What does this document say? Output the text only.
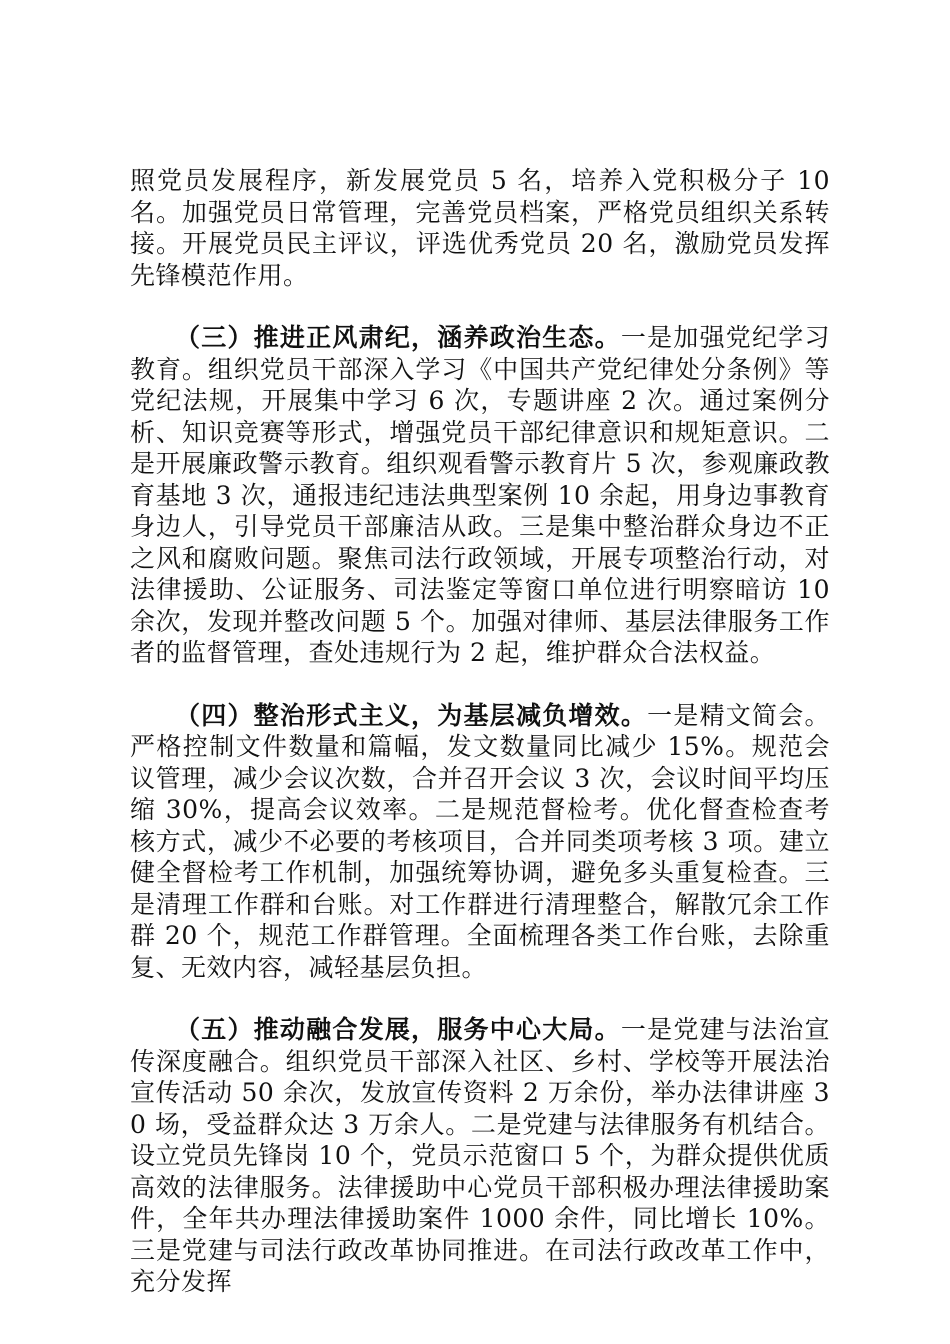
照党员发展程序，新发展党员 5 名，培养入党积极分子 10 名。加强党员日常管理，完善党员档案，严格党员组织关系转接。开展党员民主评议，评选优秀党员 20 名，激励党员发挥先锋模范作用。

（三）推进正风肃纪，涵养政治生态。一是加强党纪学习教育。组织党员干部深入学习《中国共产党纪律处分条例》等党纪法规，开展集中学习 6 次，专题讲座 2 次。通过案例分析、知识竞赛等形式，增强党员干部纪律意识和规矩意识。二是开展廉政警示教育。组织观看警示教育片 5 次，参观廉政教育基地 3 次，通报违纪违法典型案例 10 余起，用身边事教育身边人，引导党员干部廉洁从政。三是集中整治群众身边不正之风和腐败问题。聚焦司法行政领域，开展专项整治行动，对法律援助、公证服务、司法鉴定等窗口单位进行明察暗访 10 余次，发现并整改问题 5 个。加强对律师、基层法律服务工作者的监督管理，查处违规行为 2 起，维护群众合法权益。

（四）整治形式主义，为基层减负增效。一是精文简会。严格控制文件数量和篇幅，发文数量同比减少 15%。规范会议管理，减少会议次数，合并召开会议 3 次，会议时间平均压缩 30%，提高会议效率。二是规范督检考。优化督查检查考核方式，减少不必要的考核项目，合并同类项考核 3 项。建立健全督检考工作机制，加强统筹协调，避免多头重复检查。三是清理工作群和台账。对工作群进行清理整合，解散冗余工作群 20 个，规范工作群管理。全面梳理各类工作台账，去除重复、无效内容，减轻基层负担。

（五）推动融合发展，服务中心大局。一是党建与法治宣传深度融合。组织党员干部深入社区、乡村、学校等开展法治宣传活动 50 余次，发放宣传资料 2 万余份，举办法律讲座 30 场，受益群众达 3 万余人。二是党建与法律服务有机结合。设立党员先锋岗 10 个，党员示范窗口 5 个，为群众提供优质高效的法律服务。法律援助中心党员干部积极办理法律援助案件，全年共办理法律援助案件 1000 余件，同比增长 10%。三是党建与司法行政改革协同推进。在司法行政改革工作中，充分发挥
